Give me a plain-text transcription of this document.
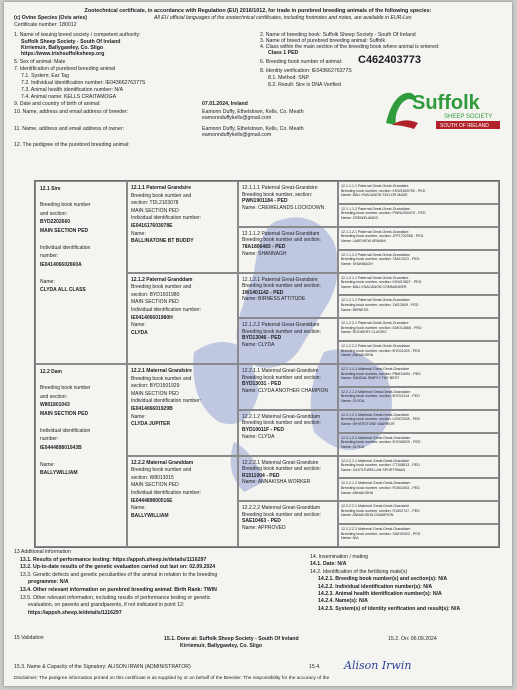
Zootechnical certificate, in accordance with Regulation (EU) 2016/1012, for trade in purebred breeding animals of the following species:
(c) Ovine Species (Ovis aries)	All EU official languages of the zootechnical certificates, including footnotes and notes, are available in EUR-Lex
Certificate number: 180012
1. Name of issuing breed society / competent authority:
Suffolk Sheep Society - South Of Ireland
Kirriemuir, Ballygawley, Co. Sligo
https://www.irishsuffolksheep.org
5. Sex of animal: Male
7. Identification of purebred breeding animal
7.1. System: Ear Tag
7.2. Individual identification number: IE04366276377S
7.3. Animal health identification number: N/A
7.4. Animal name: KELLS CRAITAMOGA
9. Date and country of birth of animal:
10. Name, address and email address of breeder:
11. Name, address and email address of owner:
12. The pedigree of the purebred breeding animal:
07.01.2024, Ireland
Eamonn Duffy, Ethelstown, Kells, Co. Meath
eamonnduffykells@gmail.com
Eamonn Duffy, Ethelstown, Kells, Co. Meath
eamonnduffykells@gmail.com
2. Name of breeding book: Suffolk Sheep Society - South Of Ireland
3. Name of breed of purebred breeding animal: Suffolk
4. Class within the main section of the breeding book where animal is entered:
Class 1 PED
6. Breeding book number of animal: C462403773
8. Identity verification: IE04366276377S
8.1. Method: SNP
8.2. Result: Sire is DNA Verified
Suffolk
SHEEP SOCIETY
SOUTH OF IRELAND
12.1 Sire
Breeding book number
and section:
BYD2202660
MAIN SECTION PED
Individual identification
number:
IE041406602660A
Name:
CLYDA ALL CLASS
12.2 Dam
Breeding book number
and section:
W801801043
MAIN SECTION PED
Individual identification
number:
IE044489801043B
Name:
BALLYWILLIAM
12.1.1 Paternal Grandsire
Breeding book number and
section: TDL2103078
MAIN SECTION PED
Individual identification number:
IE041617603078E
Name:
BALLINATONE BT BUDDY
12.1.2 Paternal Granddam
Breeding book number and
section: BYD1501980
MAIN SECTION PED
Individual identification number:
IE041406601980H
Name:
CLYDA
12.2.1 Maternal Grandsire
Breeding book number and
section: BYD1501929
MAIN SECTION PED
Individual identification number:
IE041406601929B
Name:
CLYDA JUPITER
12.2.2 Maternal Granddam
Breeding book number and
section: W8013015
MAIN SECTION PED
Individual identification number:
IE044489800516E
Name:
BALLYWILLIAM
12.1.1.1 Paternal Great-Grandsire
Breeding book number, section:
PWN1901184 - PED
Name: CREWELANDS LOCKDOWN
12.1.1.2 Paternal Great-Granddam
Breeding book number and section:
78A1806483 - PED
Name: SHANNAGH
12.1.2.1 Paternal Great-Grandsire
Breeding book number and section:
1W1401142 - PED
Name: BIRNESS ATTITUDE
12.1.2.2 Paternal Great-Granddam
Breeding book number and section:
BYD13046 - PED
Name: CLYDA
12.2.1.1 Maternal Great-Grandsire
Breeding book number and section:
BYD13031 - PED
Name: CLYDA ANOTHER CHAMPION
12.2.1.2 Maternal Great-Granddam
Breeding book number and section:
BYD10011F - PED
Name: CLYDA
12.2.2.1 Maternal Great-Grandsire
Breeding book number and section:
R1511004 - PED
Name: ANNAKISHA WORKER
12.2.2.2 Maternal Great-Granddam
Breeding book number and section:
SAE10463 - PED
Name: APPROVED
12.1.1.1.1 Paternal Great-Great-Grandsire
Breeding book number, section: KKW1609755 - PED
Name: BALLYNACANON TAYLOR MADE
12.1.1.1.2 Paternal Great-Great-Granddam
Breeding book number, section: PWN1900475 - PED
Name: CREWELANDS
12.1.1.2.1 Paternal Great-Great-Grandsire
Breeding book number, section: JFF1702058 - PED
Name: LAKEVIEW ARMANI
12.1.1.2.2 Paternal Great-Great-Granddam
Breeding book number, section: 78A12023 - PED
Name: SHANNAGH
12.1.2.1.1 Paternal Great-Great-Grandsire
Breeding book number, section: KKW13827 - PED
Name: BALLYNACANON COMMANDER
12.1.2.1.2 Paternal Great-Great-Granddam
Breeding book number, section: 1W12609 - PED
Name: BIRNESS
12.1.2.2.1 Paternal Great-Great-Grandsire
Breeding book number, section: DMO13666 - PED
Name: ROOKERY CLASSIC
12.1.2.2.2 Paternal Great-Great-Granddam
Breeding book number, section: BYD11029 - PED
Name: ANNAKISHA
12.2.1.1.1 Maternal Great-Great-Grandsire
Breeding book number, section: PBM11694 - PED
Name: SANDAL SIMPLY THE BEST
12.2.1.1.2 Maternal Great-Great-Granddam
Breeding book number, section: BYD11114 - PED
Name: CLYDA
12.2.1.2.1 Maternal Great-Great-Grandsire
Breeding book number, section: LDS07628 - PED
Name: WHITESTONE WARRIOR
12.2.1.2.2 Maternal Great-Great-Granddam
Breeding book number, section: BYD08929 - PED
Name: CLYDA
12.2.2.1.1 Maternal Great-Great-Grandsire
Breeding book number, section: CTJ08813 - PED
Name: CASTLEWELLAN SPORTSMAN
12.2.2.1.2 Maternal Great-Great-Granddam
Breeding book number, section: R1501063 - PED
Name: ANNAKISHA
12.2.2.2.1 Maternal Great-Great-Grandsire
Breeding book number, section: R1502747 - PED
Name: ANNAKISHA CHAMPION
12.2.2.2.2 Maternal Great-Great-Granddam
Breeding book number, section: SAE09302 - PED
Name: N/A
15 Validation	15.1. Done at: Suffolk Sheep Society - South Of Ireland
Kirriemuir, Ballygawley, Co. Sligo
15.2. On: 06.09.2024
15.3. Name & Capacity of the Signatory: ALISON IRWIN (ADMINISTRATOR)	15.4. Alison Irwin
Disclaimer: The pedigree information printed on this certificate is as supplied by or on behalf of the Breeder. The responsibility for the accuracy of the
13 Additional information
13.1. Results of performance testing: https://appsh.sheep.ie/details/1116297
13.2. Up-to-date results of the genetic evaluation carried out last on: 02.09.2024
13.3. Genetic defects and genetic peculiarities of the animal in relation to the breeding
programme: N/A
13.4. Other relevant information on purebred breeding animal: Birth Rank: TWIN
13.5. Other relevant information, including results of performance testing or genetic
evaluation, on parents and grandparents, if not indicated in point 12:
https://appsh.sheep.ie/details/1116297
14. Insemination / mating
14.1. Date: N/A
14.2. Identification of the fertilising male(s)
14.2.1. Breeding book number(s) and section(s): N/A
14.2.2. Individual identification number(s): N/A
14.2.3. Animal health identification number(s): N/A
14.2.4. Name(s): N/A
14.2.5. System(s) of identity verification and result(s): N/A
